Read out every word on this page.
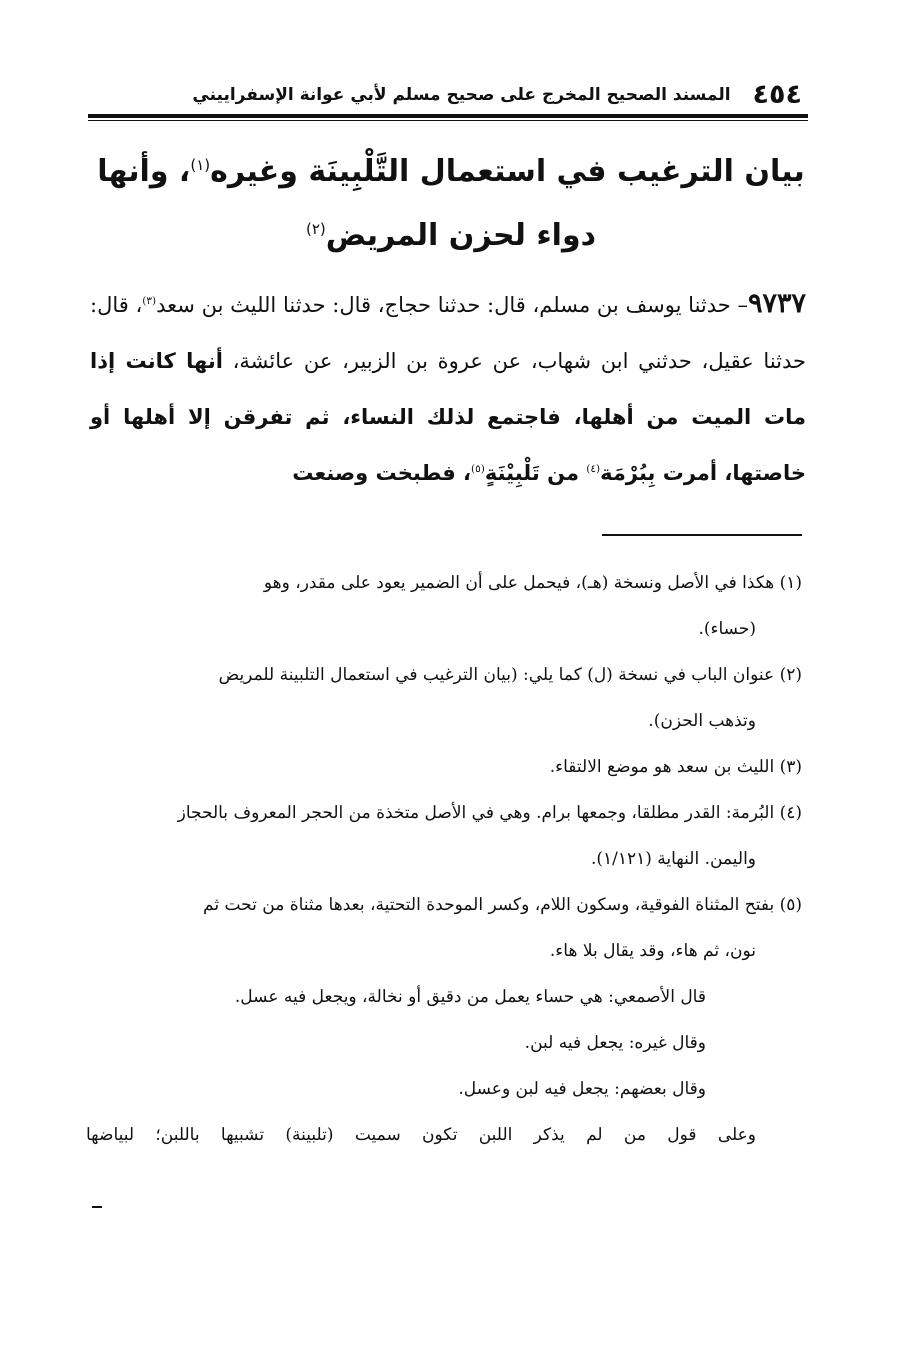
٤٥٤
المسند الصحيح المخرج على صحيح مسلم لأبي عوانة الإسفراييني
بيان الترغيب في استعمال التَّلْبِينَة وغيره$^{(١)}$، وأنها دواء لحزن المريض$^{(٢)}$
٩٧٣٧– حدثنا يوسف بن مسلم، قال: حدثنا حجاج، قال: حدثنا الليث بن سعد$^{(٣)}$، قال: حدثنا عقيل، حدثني ابن شهاب، عن عروة بن الزبير، عن عائشة، أنها كانت إذا مات الميت من أهلها، فاجتمع لذلك النساء، ثم تفرقن إلا أهلها أو خاصتها، أمرت بِبُرْمَة$^{(٤)}$ من تَلْبِيْنَةٍ$^{(٥)}$، فطبخت وصنعت
(١) هكذا في الأصل ونسخة (هـ)، فيحمل على أن الضمير يعود على مقدر، وهو
(حساء).
(٢) عنوان الباب في نسخة (ل) كما يلي: (بيان الترغيب في استعمال التلبينة للمريض
وتذهب الحزن).
(٣) الليث بن سعد هو موضع الالتقاء.
(٤) البُرمة: القدر مطلقا، وجمعها برام. وهي في الأصل متخذة من الحجر المعروف بالحجاز
واليمن. النهاية (١/١٢١).
(٥) بفتح المثناة الفوقية، وسكون اللام، وكسر الموحدة التحتية، بعدها مثناة من تحت ثم
نون، ثم هاء، وقد يقال بلا هاء.
قال الأصمعي: هي حساء يعمل من دقيق أو نخالة، ويجعل فيه عسل.
وقال غيره: يجعل فيه لبن.
وقال بعضهم: يجعل فيه لبن وعسل.
وعلى قول من لم يذكر اللبن تكون سميت (تلبينة) تشبيها باللبن؛ لبياضها
